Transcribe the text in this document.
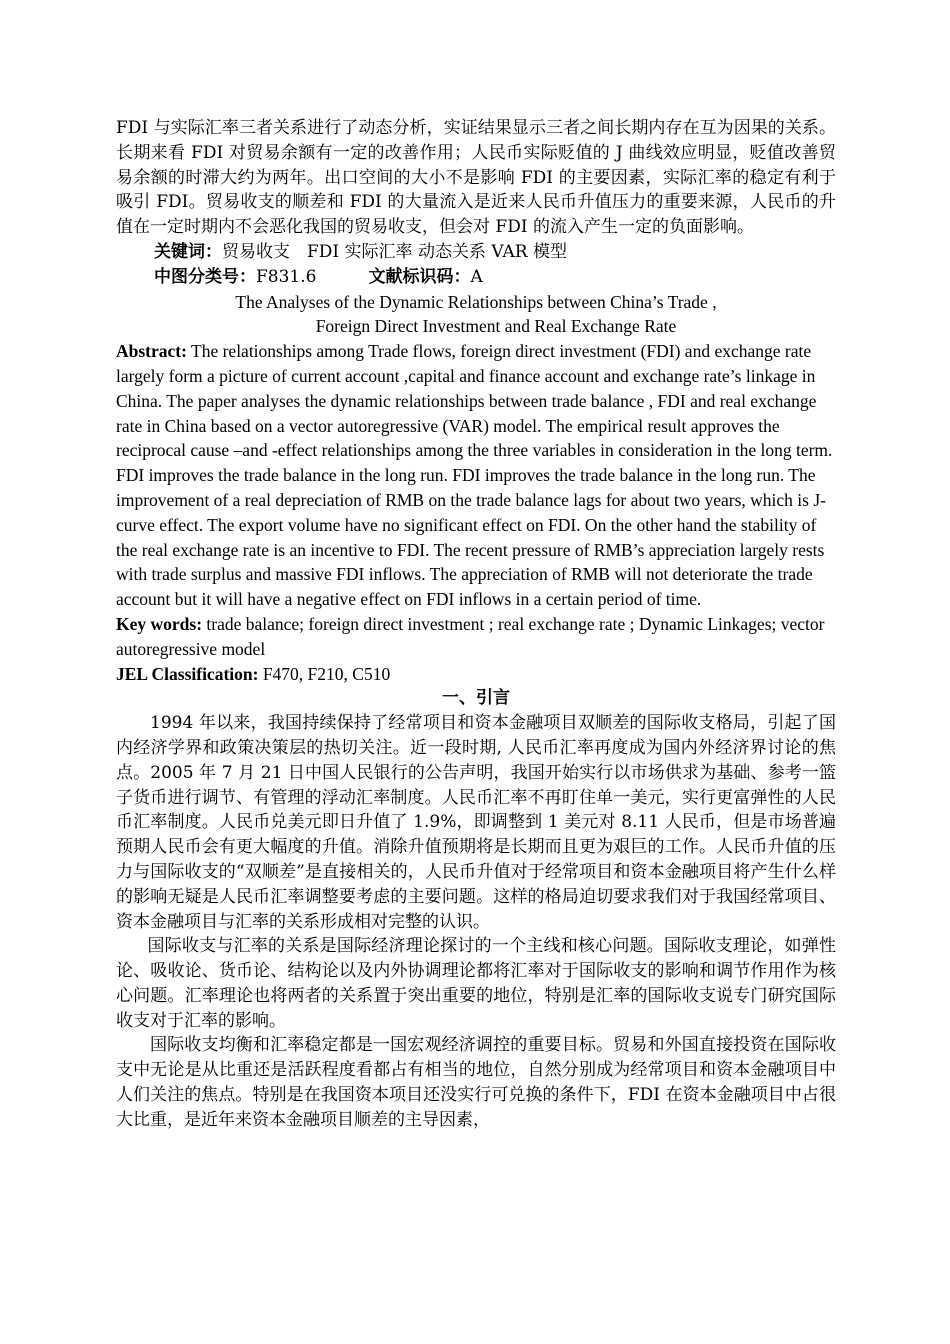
FDI 与实际汇率三者关系进行了动态分析，实证结果显示三者之间长期内存在互为因果的关系。长期来看 FDI 对贸易余额有一定的改善作用；人民币实际贬值的 J 曲线效应明显，贬值改善贸易余额的时滞大约为两年。出口空间的大小不是影响 FDI 的主要因素，实际汇率的稳定有利于吸引 FDI。贸易收支的顺差和 FDI 的大量流入是近来人民币升值压力的重要来源，人民币的升值在一定时期内不会恶化我国的贸易收支，但会对 FDI 的流入产生一定的负面影响。

关键词：贸易收支　FDI 实际汇率 动态关系 VAR 模型

中图分类号：F831.6	文献标识码：A

The Analyses of the Dynamic Relationships between China’s Trade ,
Foreign Direct Investment and Real Exchange Rate

Abstract: The relationships among Trade flows, foreign direct investment (FDI) and exchange rate largely form a picture of current account ,capital and finance account and exchange rate’s linkage in China. The paper analyses the dynamic relationships between trade balance , FDI and real exchange rate in China based on a vector autoregressive (VAR) model. The empirical result approves the reciprocal cause –and -effect relationships among the three variables in consideration in the long term. FDI improves the trade balance in the long run. FDI improves the trade balance in the long run. The improvement of a real depreciation of RMB on the trade balance lags for about two years, which is J-curve effect. The export volume have no significant effect on FDI. On the other hand the stability of the real exchange rate is an incentive to FDI. The recent pressure of RMB’s appreciation largely rests with trade surplus and massive FDI inflows. The appreciation of RMB will not deteriorate the trade account but it will have a negative effect on FDI inflows in a certain period of time.

Key words: trade balance; foreign direct investment ; real exchange rate ; Dynamic Linkages; vector autoregressive model

JEL Classification: F470, F210, C510

一、引言

1994 年以来，我国持续保持了经常项目和资本金融项目双顺差的国际收支格局，引起了国内经济学界和政策决策层的热切关注。近一段时期, 人民币汇率再度成为国内外经济界讨论的焦点。2005 年 7 月 21 日中国人民银行的公告声明，我国开始实行以市场供求为基础、参考一篮子货币进行调节、有管理的浮动汇率制度。人民币汇率不再盯住单一美元，实行更富弹性的人民币汇率制度。人民币兑美元即日升值了 1.9%，即调整到 1 美元对 8.11 人民币，但是市场普遍预期人民币会有更大幅度的升值。消除升值预期将是长期而且更为艰巨的工作。人民币升值的压力与国际收支的“双顺差”是直接相关的，人民币升值对于经常项目和资本金融项目将产生什么样的影响无疑是人民币汇率调整要考虑的主要问题。这样的格局迫切要求我们对于我国经常项目、资本金融项目与汇率的关系形成相对完整的认识。

国际收支与汇率的关系是国际经济理论探讨的一个主线和核心问题。国际收支理论，如弹性论、吸收论、货币论、结构论以及内外协调理论都将汇率对于国际收支的影响和调节作用作为核心问题。汇率理论也将两者的关系置于突出重要的地位，特别是汇率的国际收支说专门研究国际收支对于汇率的影响。

国际收支均衡和汇率稳定都是一国宏观经济调控的重要目标。贸易和外国直接投资在国际收支中无论是从比重还是活跃程度看都占有相当的地位，自然分别成为经常项目和资本金融项目中人们关注的焦点。特别是在我国资本项目还没实行可兑换的条件下，FDI 在资本金融项目中占很大比重，是近年来资本金融项目顺差的主导因素，
